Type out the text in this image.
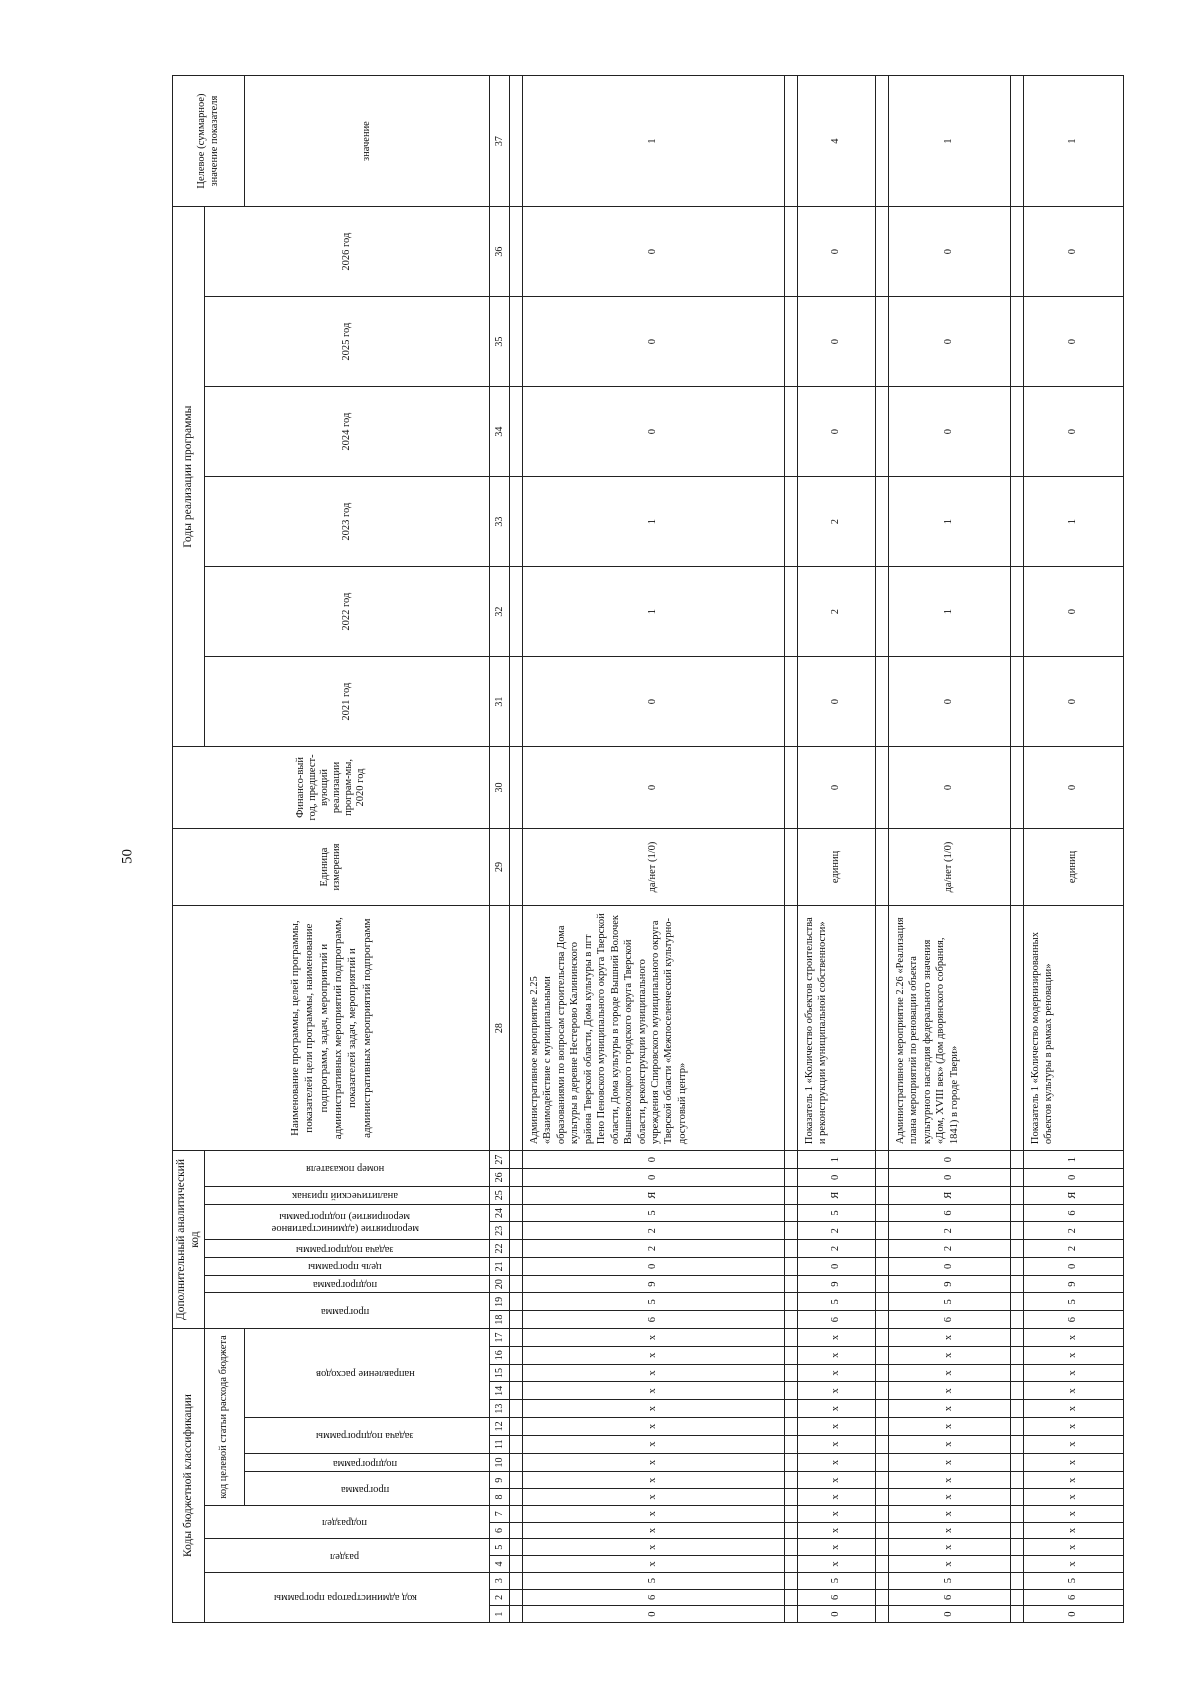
50
Коды бюджетной классификации																	Дополнительный аналитический код										Наименование программы, целей программы, показателей цели программы, наименование подпрограмм, задач, мероприятий и административных мероприятий подпрограмм, показателей задач, мероприятий и административных мероприятий подпрограмм	Единица измерения	Финансо-вый год, предшест-вующий реализации програм-мы, 2020 год	Годы реализации программы						Целевое (суммарное) значение показателя
код администратора программы			раздел		подраздел		код целевой статьи расхода бюджета										программа		подпрограмма	цель программы	задача подпрограммы	мероприятие (административное мероприятие) подпрограммы		аналитический признак	номер показателя					2021 год	2022 год	2023 год	2024 год	2025 год	2026 год	
							программа		подпрограмма	задача подпрограммы		направление расходов																								значение
1	2	3	4	5	6	7	8	9	10	11	12	13	14	15	16	17	18	19	20	21	22	23	24	25	26	27	28	29	30	31	32	33	34	35	36	37

0	6	5	x	x	x	x	x	x	x	x	x	x	x	x	x	x	6	5	9	0	2	2	5	Я	0	0	Административное мероприятие 2.25 «Взаимодействие с муниципальными образованиями по вопросам строительства Дома культуры в деревне Нестерово Калининского района Тверской области, Дома культуры в пгт Пено Пеновского муниципального округа Тверской области, Дома культуры в городе Вышний Волочек Вышневолоцкого городского округа Тверской области, реконструкции муниципального учреждения Спировского муниципального округа Тверской области «Межпоселенческий культурно-досуговый центр»	да/нет (1/0)	0	0	1	1	0	0	0	1

0	6	5	x	x	x	x	x	x	x	x	x	x	x	x	x	x	6	5	9	0	2	2	5	Я	0	1	Показатель 1 «Количество объектов строительства и реконструкции муниципальной собственности»	единиц	0	0	2	2	0	0	0	4

0	6	5	x	x	x	x	x	x	x	x	x	x	x	x	x	x	6	5	9	0	2	2	6	Я	0	0	Административное мероприятие 2.26 «Реализация плана мероприятий по реновации объекта культурного наследия федерального значения «Дом, XVIII век» (Дом дворянского собрания, 1841) в городе Твери»	да/нет (1/0)	0	0	1	1	0	0	0	1

0	6	5	x	x	x	x	x	x	x	x	x	x	x	x	x	x	6	5	9	0	2	2	6	Я	0	1	Показатель 1 «Количество модернизированных объектов культуры в рамках реновации»	единиц	0	0	0	1	0	0	0	1
